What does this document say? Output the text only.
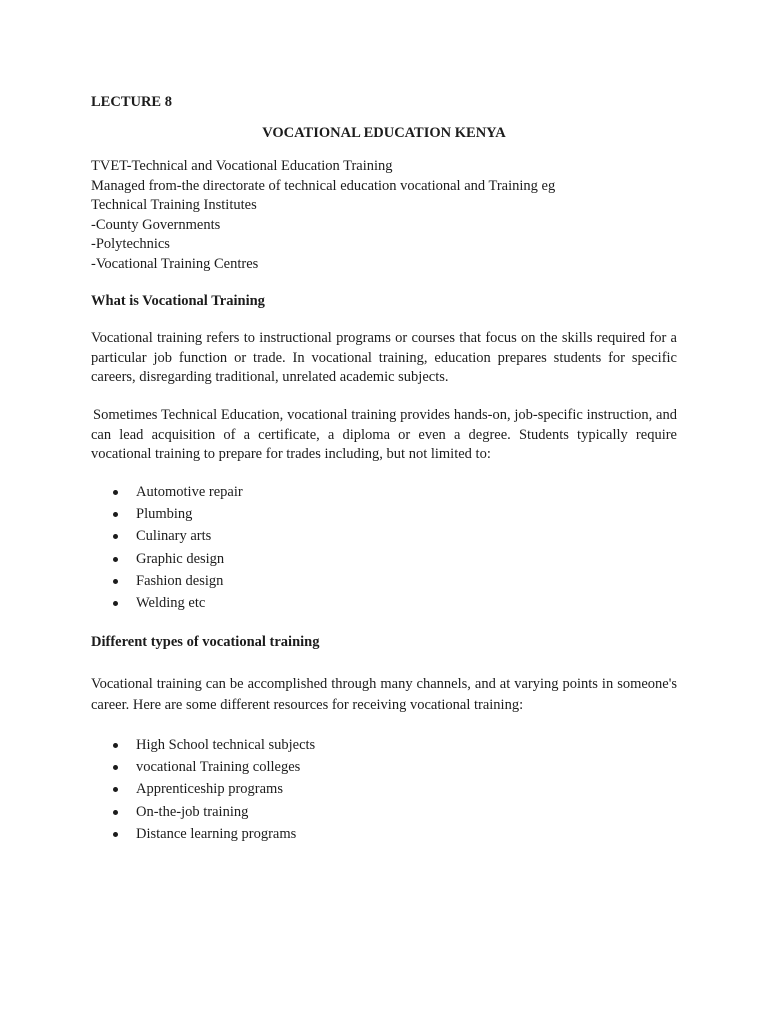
LECTURE 8
VOCATIONAL EDUCATION KENYA
TVET-Technical and Vocational Education Training
Managed from-the directorate of technical education vocational and Training eg
Technical Training Institutes
-County Governments
-Polytechnics
-Vocational Training Centres
What is Vocational Training
Vocational training refers to instructional programs or courses that focus on the skills required for a particular job function or trade. In vocational training, education prepares students for specific careers, disregarding traditional, unrelated academic subjects.
Sometimes Technical Education, vocational training provides hands-on, job-specific instruction, and can lead acquisition of a certificate, a diploma or even a degree. Students typically require vocational training to prepare for trades including, but not limited to:
Automotive repair
Plumbing
Culinary arts
Graphic design
Fashion design
Welding etc
Different types of vocational training
Vocational training can be accomplished through many channels, and at varying points in someone's career. Here are some different resources for receiving vocational training:
High School technical subjects
vocational Training colleges
Apprenticeship programs
On-the-job training
Distance learning programs
